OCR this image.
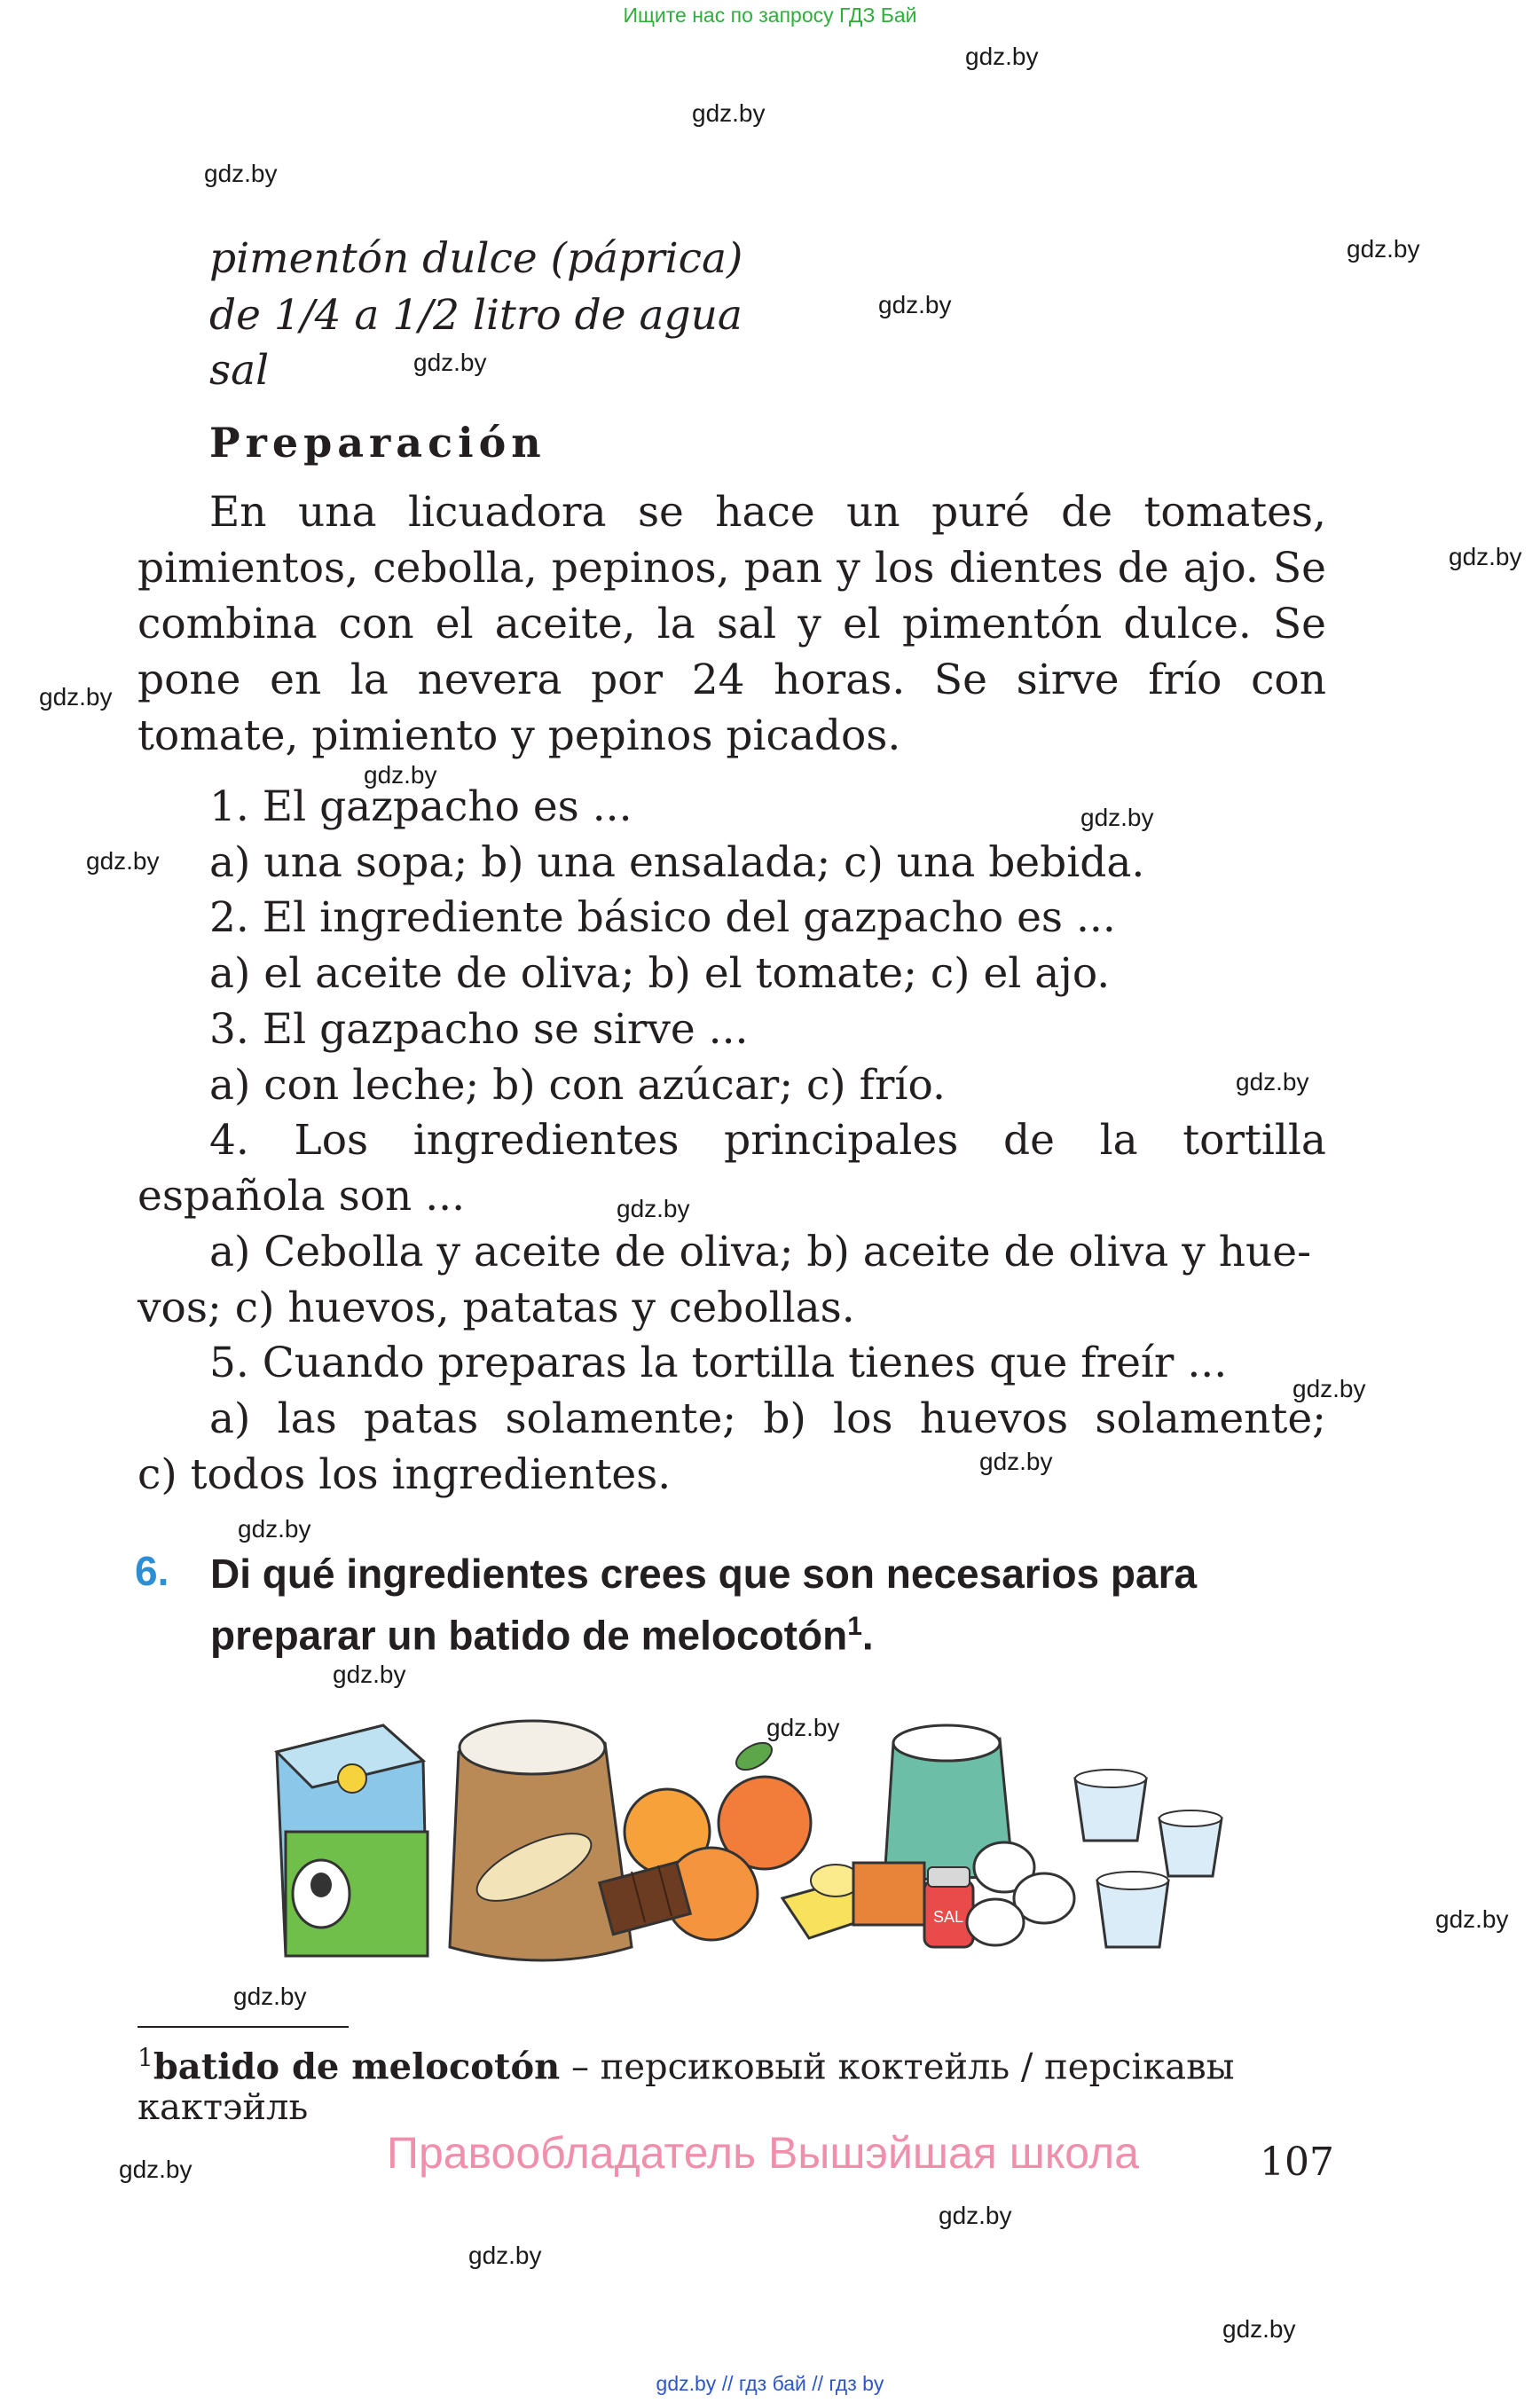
Ищите нас по запросу ГДЗ Бай
gdz.by
gdz.by
gdz.by
gdz.by
gdz.by
gdz.by
gdz.by
gdz.by
gdz.by
gdz.by
gdz.by
gdz.by
gdz.by
gdz.by
gdz.by
gdz.by
gdz.by
gdz.by
gdz.by
gdz.by
gdz.by
gdz.by
gdz.by
gdz.by
pimentón dulce (páprica)
de 1/4 a 1/2 litro de agua
sal
Preparación
En una licuadora se hace un puré de tomates, pimientos, cebolla, pepinos, pan y los dientes de ajo. Se combina con el aceite, la sal y el pimentón dulce. Se pone en la nevera por 24 horas. Se sirve frío con tomate, pimiento y pepinos picados.
1. El gazpacho es ...
a) una sopa; b) una ensalada; c) una bebida.
2. El ingrediente básico del gazpacho es ...
a) el aceite de oliva; b) el tomate; c) el ajo.
3. El gazpacho se sirve ...
a) con leche; b) con azúcar; c) frío.
4. Los ingredientes principales de la tortilla
española son ...
a) Cebolla y aceite de oliva; b) aceite de oliva y hue-
vos; c) huevos, patatas y cebollas.
5. Cuando preparas la tortilla tienes que freír ...
a) las patas solamente; b) los huevos solamente;
c) todos los ingredientes.
6. Di qué ingredientes crees que son necesarios para preparar un batido de melocotón$^1$.
SAL
$^1$batido de melocotón – персиковый коктейль / персікавы
кактэйль
Правообладатель Вышэйшая школа	107
gdz.by // гдз бай // гдз by
